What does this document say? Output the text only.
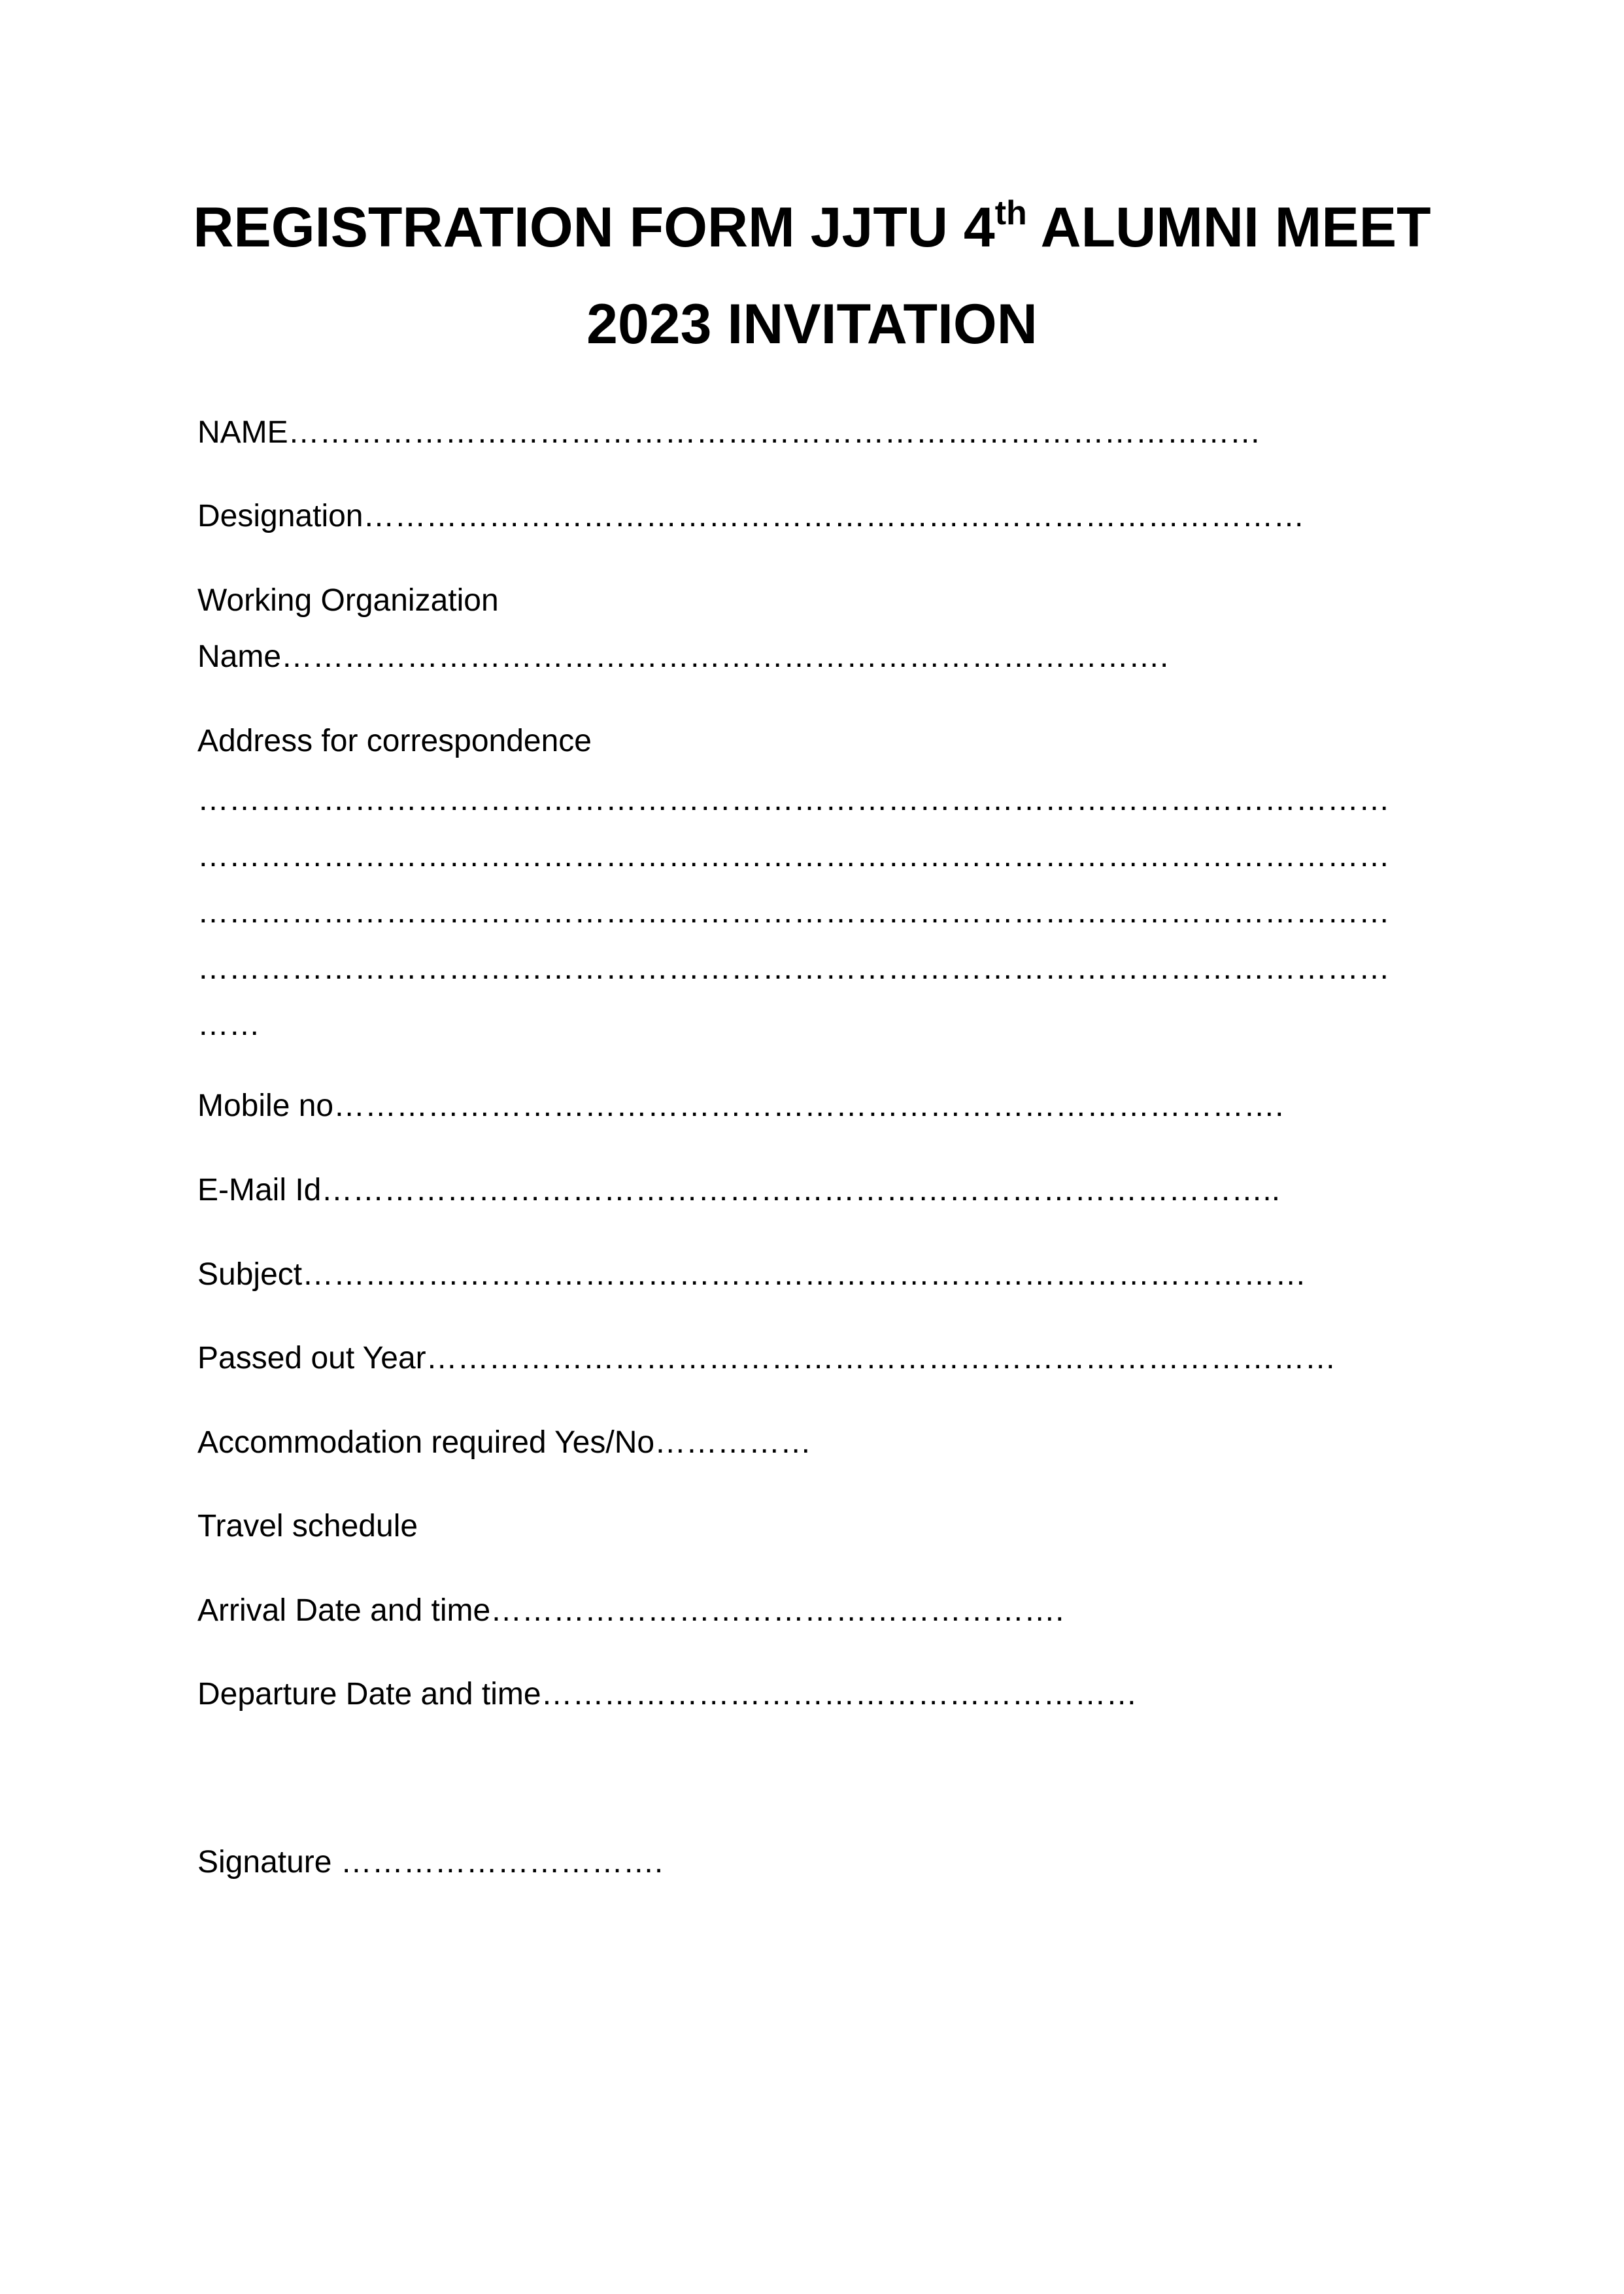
REGISTRATION FORM JJTU 4th ALUMNI MEET
2023 INVITATION
NAME…………………………………………………………………………………
Designation………………………………………………………………………………
Working Organization
Name………………………………………………………………………….
Address for correspondence
……………………………………………………………………………………………………
……………………………………………………………………………………………………
……………………………………………………………………………………………………
……………………………………………………………………………………………………
……
Mobile no……………………………………………………………………………….
E-Mail Id………………………………………………………………………………..
Subject……………………………………………………………………………………
Passed out Year……………………………………………………………………………
Accommodation required Yes/No……………
Travel schedule
Arrival Date and time……………………………………………….
Departure Date and time…………………………………………………
Signature ………………………….
